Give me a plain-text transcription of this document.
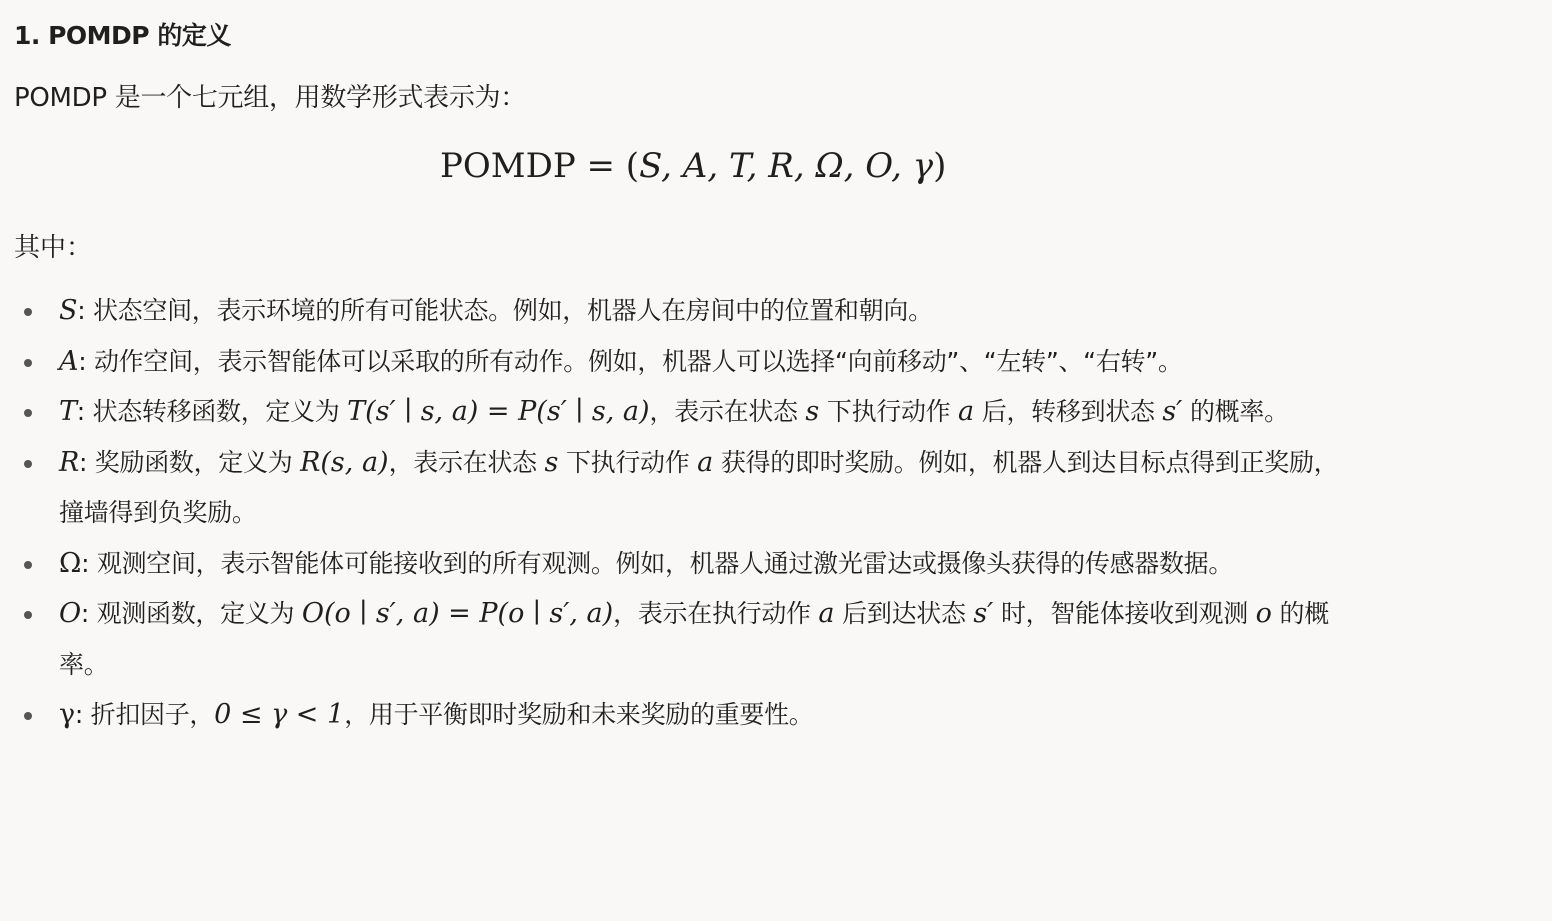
1. POMDP 的定义
POMDP 是一个七元组，用数学形式表示为：
POMDP = (S, A, T, R, Ω, O, γ)
其中：
S: 状态空间，表示环境的所有可能状态。例如，机器人在房间中的位置和朝向。
A: 动作空间，表示智能体可以采取的所有动作。例如，机器人可以选择“向前移动”、“左转”、“右转”。
T: 状态转移函数，定义为 T(s′ ∣ s, a) = P(s′ ∣ s, a)，表示在状态 s 下执行动作 a 后，转移到状态 s′ 的概率。
R: 奖励函数，定义为 R(s, a)，表示在状态 s 下执行动作 a 获得的即时奖励。例如，机器人到达目标点得到正奖励，撞墙得到负奖励。
Ω: 观测空间，表示智能体可能接收到的所有观测。例如，机器人通过激光雷达或摄像头获得的传感器数据。
O: 观测函数，定义为 O(o ∣ s′, a) = P(o ∣ s′, a)，表示在执行动作 a 后到达状态 s′ 时，智能体接收到观测 o 的概率。
γ: 折扣因子，0 ≤ γ < 1，用于平衡即时奖励和未来奖励的重要性。
